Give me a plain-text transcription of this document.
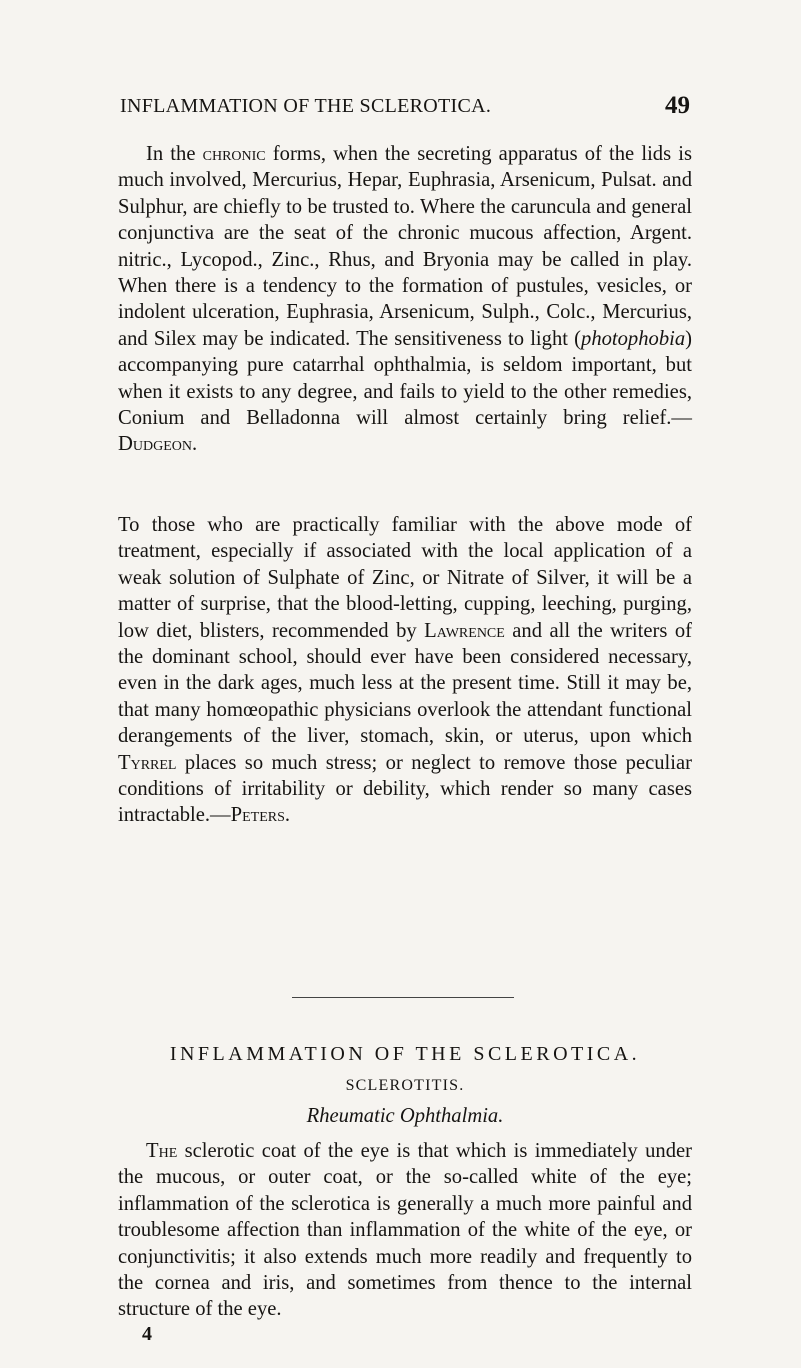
INFLAMMATION OF THE SCLEROTICA.	49

In the chronic forms, when the secreting apparatus of the lids is much involved, Mercurius, Hepar, Euphrasia, Arsenicum, Pulsat. and Sulphur, are chiefly to be trusted to. Where the caruncula and general conjunctiva are the seat of the chronic mucous affection, Argent. nitric., Lycopod., Zinc., Rhus, and Bryonia may be called in play. When there is a tendency to the formation of pustules, vesicles, or indolent ulceration, Euphrasia, Arsenicum, Sulph., Colc., Mercurius, and Silex may be indicated. The sensitiveness to light (photophobia) accompanying pure catarrhal ophthalmia, is seldom important, but when it exists to any degree, and fails to yield to the other remedies, Conium and Belladonna will almost certainly bring relief.—Dudgeon.

To those who are practically familiar with the above mode of treatment, especially if associated with the local application of a weak solution of Sulphate of Zinc, or Nitrate of Silver, it will be a matter of surprise, that the blood-letting, cupping, leeching, purging, low diet, blisters, recommended by Lawrence and all the writers of the dominant school, should ever have been considered necessary, even in the dark ages, much less at the present time. Still it may be, that many homœopathic physicians overlook the attendant functional derangements of the liver, stomach, skin, or uterus, upon which Tyrrel places so much stress; or neglect to remove those peculiar conditions of irritability or debility, which render so many cases intractable.—Peters.

INFLAMMATION OF THE SCLEROTICA.
SCLEROTITIS.
Rheumatic Ophthalmia.

The sclerotic coat of the eye is that which is immediately under the mucous, or outer coat, or the so-called white of the eye; inflammation of the sclerotica is generally a much more painful and troublesome affection than inflammation of the white of the eye, or conjunctivitis; it also extends much more readily and frequently to the cornea and iris, and sometimes from thence to the internal structure of the eye.

4
